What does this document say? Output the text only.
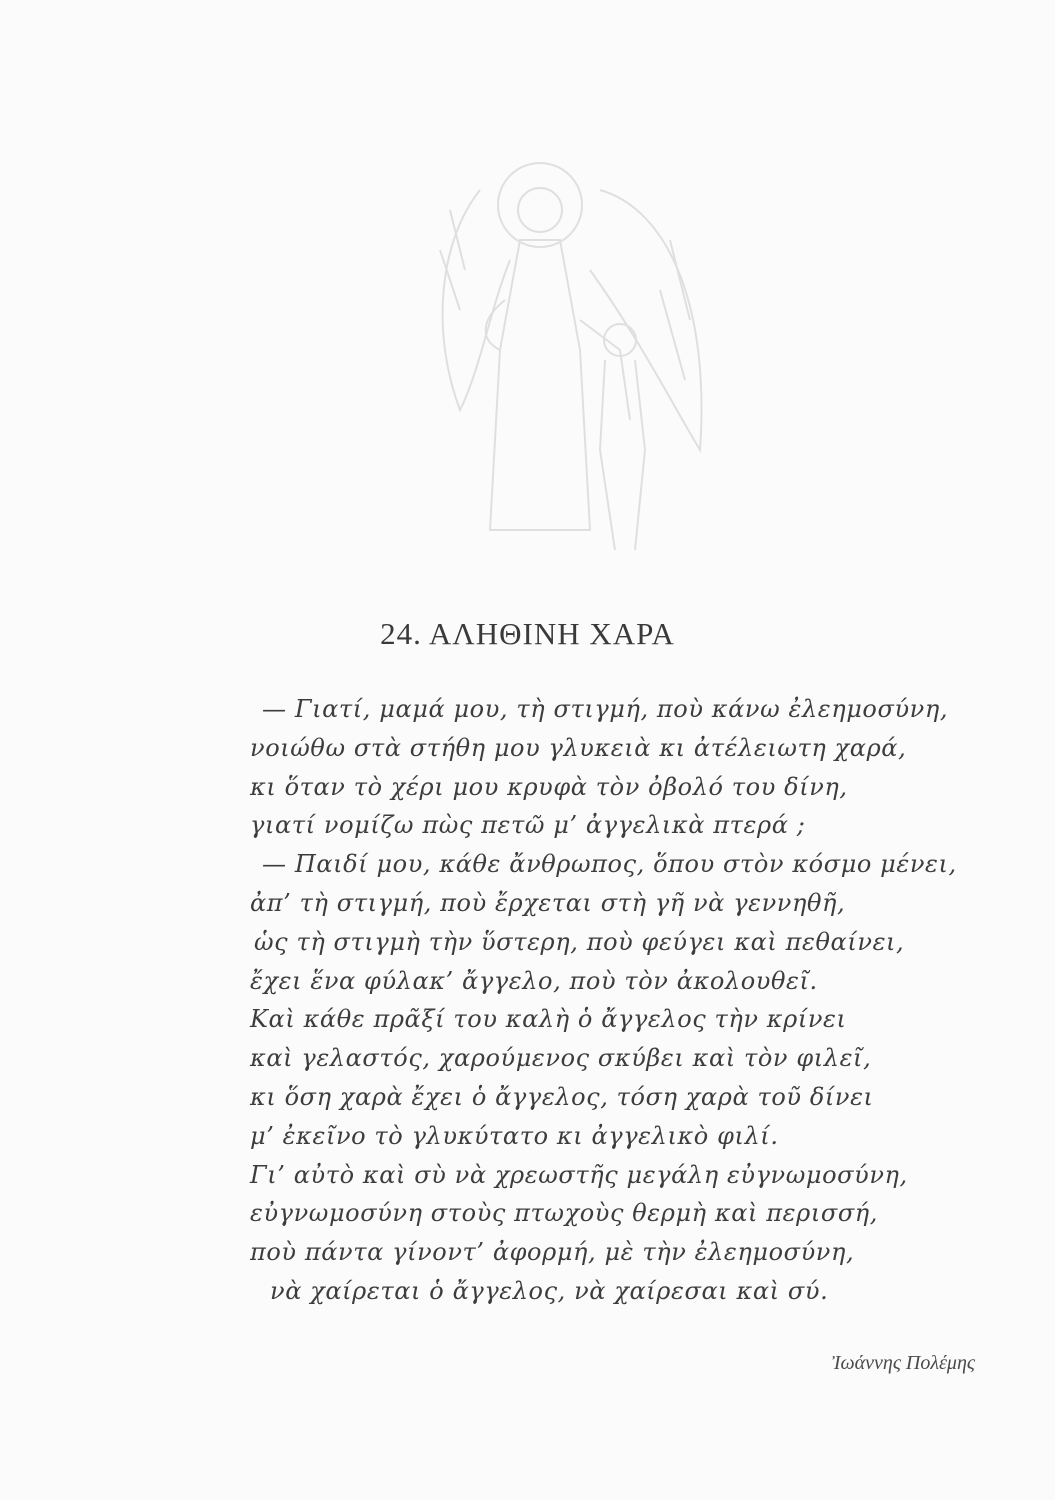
24. ΑΛΗΘΙΝΗ ΧΑΡΑ
— Γιατί, μαμά μου, τὴ στιγμή, ποὺ κάνω ἐλεημοσύνη,
νοιώθω στὰ στήθη μου γλυκειὰ κι ἀτέλειωτη χαρά,
κι ὅταν τὸ χέρι μου κρυφὰ τὸν ὀβολό του δίνη,
γιατί νομίζω πὼς πετῶ μ’ ἀγγελικὰ πτερά ;
— Παιδί μου, κάθε ἄνθρωπος, ὅπου στὸν κόσμο μένει,
ἀπ’ τὴ στιγμή, ποὺ ἔρχεται στὴ γῆ νὰ γεννηθῆ,
ὡς τὴ στιγμὴ τὴν ὕστερη, ποὺ φεύγει καὶ πεθαίνει,
ἔχει ἕνα φύλακ’ ἄγγελο, ποὺ τὸν ἀκολουθεῖ.
Καὶ κάθε πρᾶξί του καλὴ ὁ ἄγγελος τὴν κρίνει
καὶ γελαστός, χαρούμενος σκύβει καὶ τὸν φιλεῖ,
κι ὅση χαρὰ ἔχει ὁ ἄγγελος, τόση χαρὰ τοῦ δίνει
μ’ ἐκεῖνο τὸ γλυκύτατο κι ἀγγελικὸ φιλί.
Γι’ αὐτὸ καὶ σὺ νὰ χρεωστῆς μεγάλη εὐγνωμοσύνη,
εὐγνωμοσύνη στοὺς πτωχοὺς θερμὴ καὶ περισσή,
ποὺ πάντα γίνοντ’ ἀφορμή, μὲ τὴν ἐλεημοσύνη,
νὰ χαίρεται ὁ ἄγγελος, νὰ χαίρεσαι καὶ σύ.
Ἰωάννης Πολέμης
